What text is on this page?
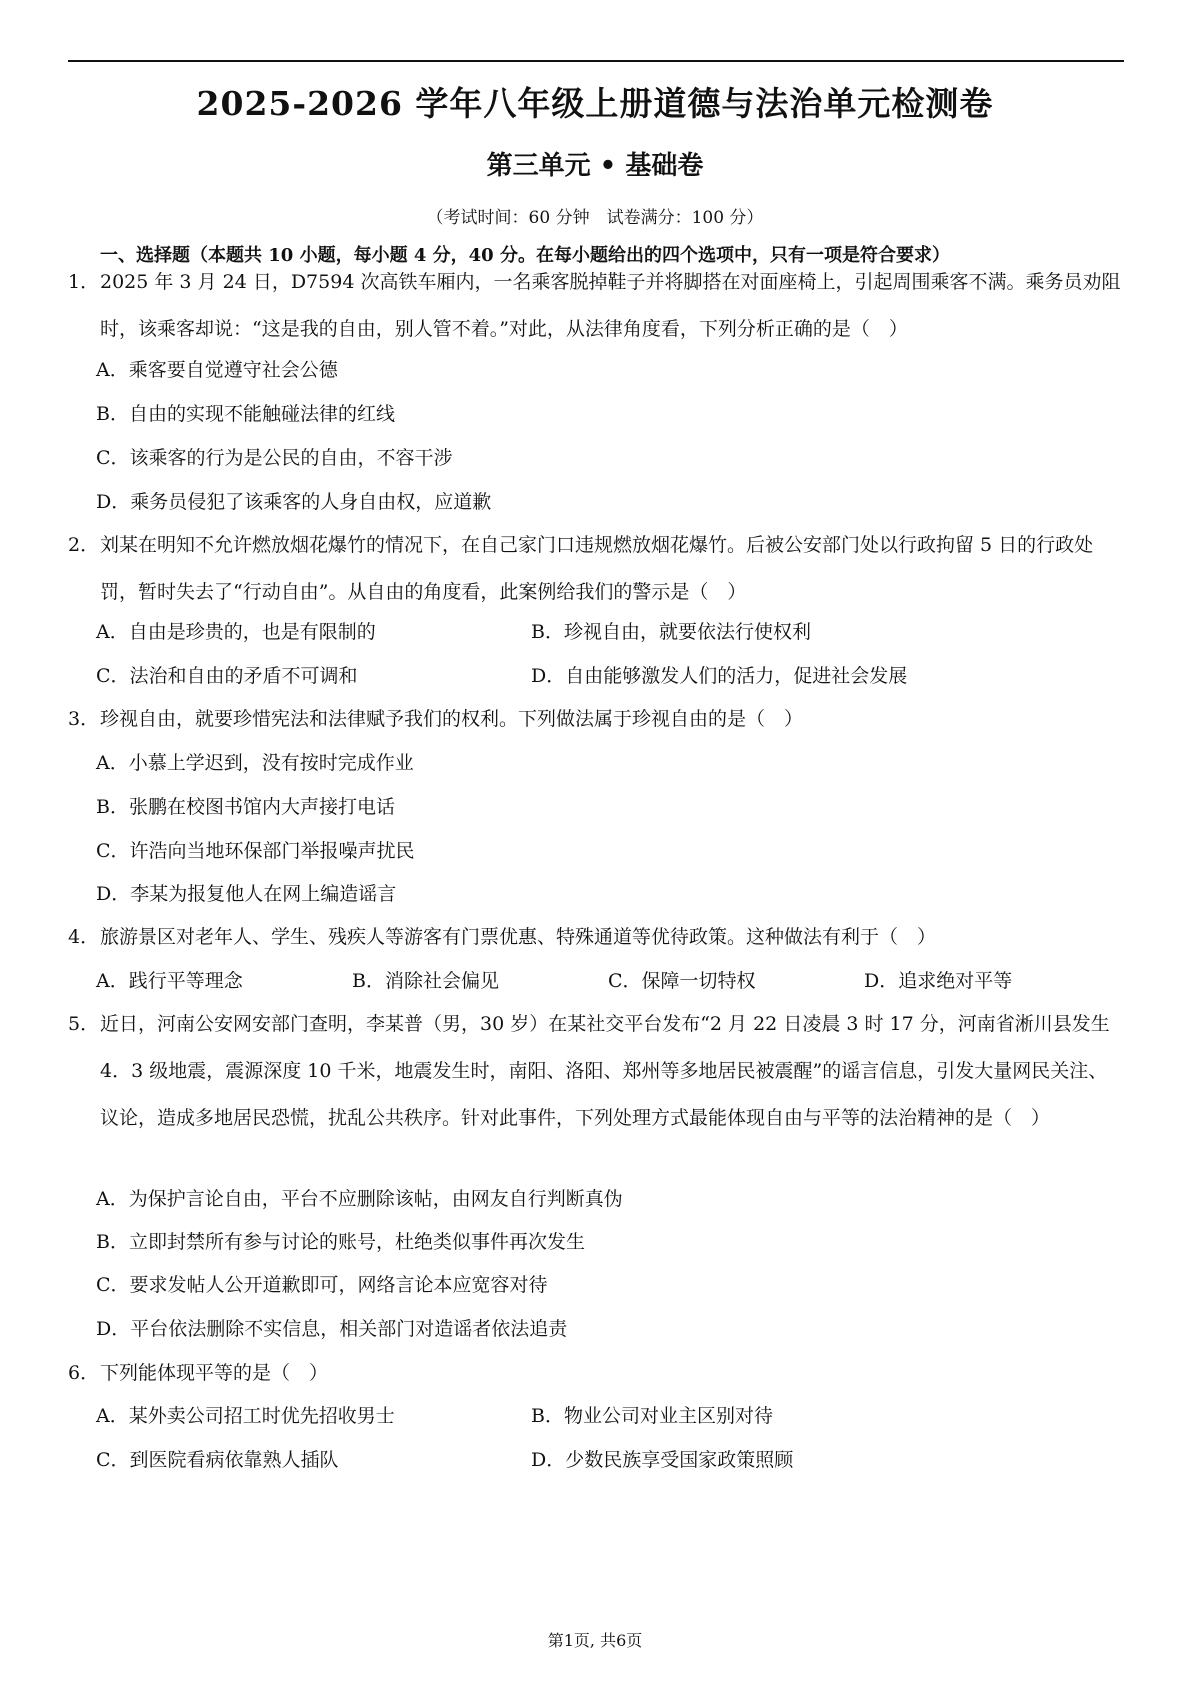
2025-2026 学年八年级上册道德与法治单元检测卷
第三单元 • 基础卷
（考试时间：60 分钟　试卷满分：100 分）
一、选择题（本题共 10 小题，每小题 4 分，40 分。在每小题给出的四个选项中，只有一项是符合要求）
1． 2025 年 3 月 24 日，D7594 次高铁车厢内，一名乘客脱掉鞋子并将脚搭在对面座椅上，引起周围乘客不满。乘务员劝阻时，该乘客却说：“这是我的自由，别人管不着。”对此，从法律角度看，下列分析正确的是（　）
A．乘客要自觉遵守社会公德
B．自由的实现不能触碰法律的红线
C．该乘客的行为是公民的自由，不容干涉
D．乘务员侵犯了该乘客的人身自由权，应道歉
2． 刘某在明知不允许燃放烟花爆竹的情况下，在自己家门口违规燃放烟花爆竹。后被公安部门处以行政拘留 5 日的行政处罚，暂时失去了“行动自由”。从自由的角度看，此案例给我们的警示是（　）
A．自由是珍贵的，也是有限制的	B．珍视自由，就要依法行使权利
C．法治和自由的矛盾不可调和	D．自由能够激发人们的活力，促进社会发展
3． 珍视自由，就要珍惜宪法和法律赋予我们的权利。下列做法属于珍视自由的是（　）
A．小慕上学迟到，没有按时完成作业
B．张鹏在校图书馆内大声接打电话
C．许浩向当地环保部门举报噪声扰民
D．李某为报复他人在网上编造谣言
4． 旅游景区对老年人、学生、残疾人等游客有门票优惠、特殊通道等优待政策。这种做法有利于（　）
A．践行平等理念	B．消除社会偏见	C．保障一切特权	D．追求绝对平等
5． 近日，河南公安网安部门查明，李某普（男，30 岁）在某社交平台发布“2 月 22 日凌晨 3 时 17 分，河南省淅川县发生 4．3 级地震，震源深度 10 千米，地震发生时，南阳、洛阳、郑州等多地居民被震醒”的谣言信息，引发大量网民关注、议论，造成多地居民恐慌，扰乱公共秩序。针对此事件，下列处理方式最能体现自由与平等的法治精神的是（　）
A．为保护言论自由，平台不应删除该帖，由网友自行判断真伪
B．立即封禁所有参与讨论的账号，杜绝类似事件再次发生
C．要求发帖人公开道歉即可，网络言论本应宽容对待
D．平台依法删除不实信息，相关部门对造谣者依法追责
6． 下列能体现平等的是（　）
A．某外卖公司招工时优先招收男士	B．物业公司对业主区别对待
C．到医院看病依靠熟人插队	D．少数民族享受国家政策照顾
第1页, 共6页
